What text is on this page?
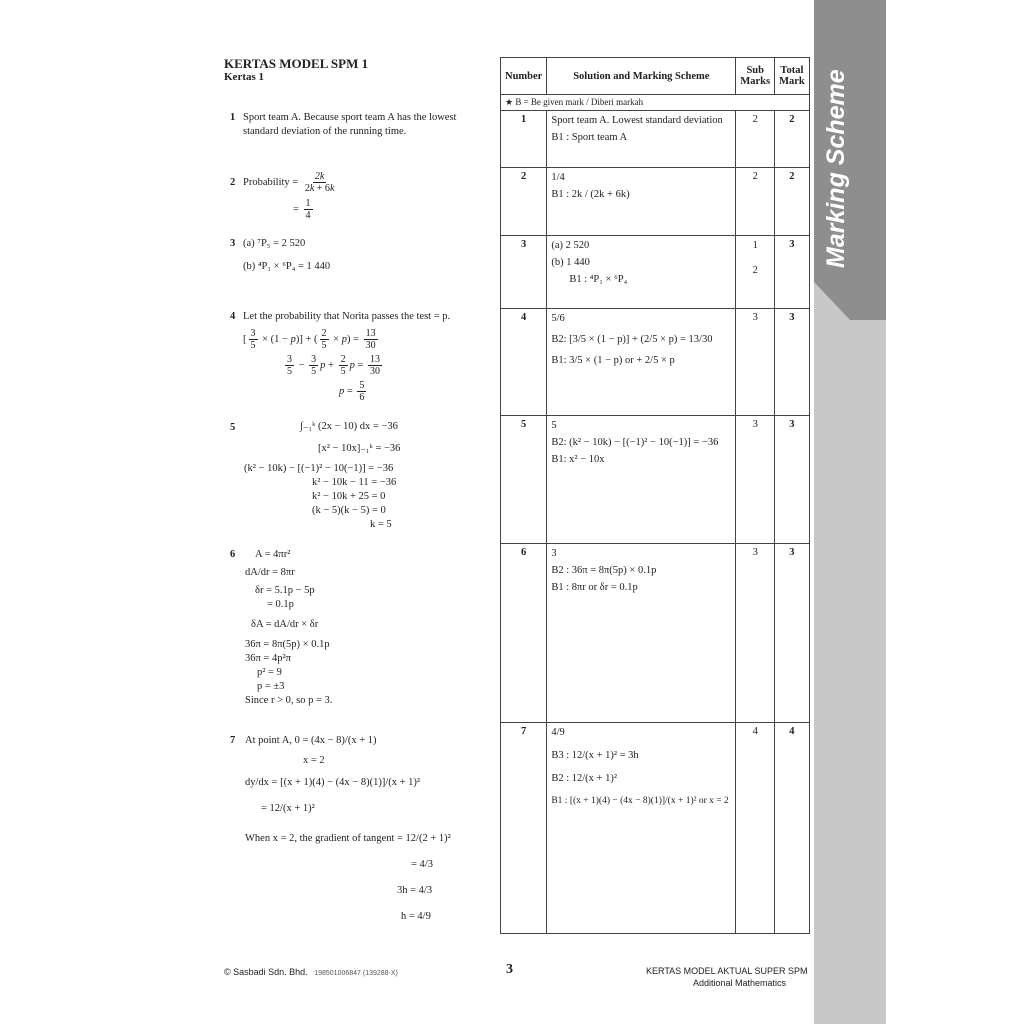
Marking Scheme
KERTAS MODEL SPM 1
Kertas 1
1 Sport team A. Because sport team A has the lowest
standard deviation of the running time.
2 Probability = $\frac{2k}{2k + 6k}$
= $\frac{1}{4}$
3 (a) ⁷P₅ = 2 520
(b) ⁴P₁ × ⁶P₄ = 1 440
4 Let the probability that Norita passes the test = p.
[ $\frac{3}{5} \times (1 - p)$] + ( $\frac{2}{5} \times p) = \frac{13}{30}$
$\frac{3}{5} - \frac{3}{5}$ $p + \frac{2}{5}$ $p = \frac{13}{30}$
$p = \frac{5}{6}$
5	∫₋₁ᵏ (2x − 10) dx = −36
[x² − 10x]₋₁ᵏ = −36
(k² − 10k) − [(−1)² − 10(−1)] = −36
k² − 10k − 11 = −36
k² − 10k + 25 = 0
(k − 5)(k − 5) = 0
k = 5
6 A = 4πr²
dA/dr = 8πr
δr = 5.1p − 5p
= 0.1p
δA = dA/dr × δr
36π = 8π(5p) × 0.1p
36π = 4p²π
p² = 9
p = ±3
Since r > 0, so p = 3.
7 At point A, 0 = (4x − 8)/(x + 1)
x = 2
dy/dx = [(x + 1)(4) − (4x − 8)(1)]/(x + 1)²
= 12/(x + 1)²
When x = 2, the gradient of tangent = 12/(2 + 1)²
= 4/3
3h = 4/3
h = 4/9
Number	Solution and Marking Scheme	Sub Marks	Total Mark
★ B = Be given mark / Diberi markah			
1	Sport team A. Lowest standard deviation
B1 : Sport team A	2	2
2	1/4
B1 : 2k / (2k + 6k)	2	2
3	(a) 2 520
(b) 1 440
B1 : ⁴P₁ × ⁶P₄	1
2	3
4	5/6
B2: [3/5 × (1 − p)] + (2/5 × p) = 13/30
B1: 3/5 × (1 − p) or + 2/5 × p	3	3
5	5
B2: (k² − 10k) − [(−1)² − 10(−1)] = −36
B1: x² − 10x	3	3
6	3
B2 : 36π = 8π(5p) × 0.1p
B1 : 8πr or δr = 0.1p	3	3
7	4/9
B3 : 12/(x + 1)² = 3h
B2 : 12/(x + 1)²
B1 : [(x + 1)(4) − (4x − 8)(1)]/(x + 1)² or x = 2	4	4
© Sasbadi Sdn. Bhd. 198501006847 (139288-X)	3	KERTAS MODEL AKTUAL SUPER SPM
Additional Mathematics
